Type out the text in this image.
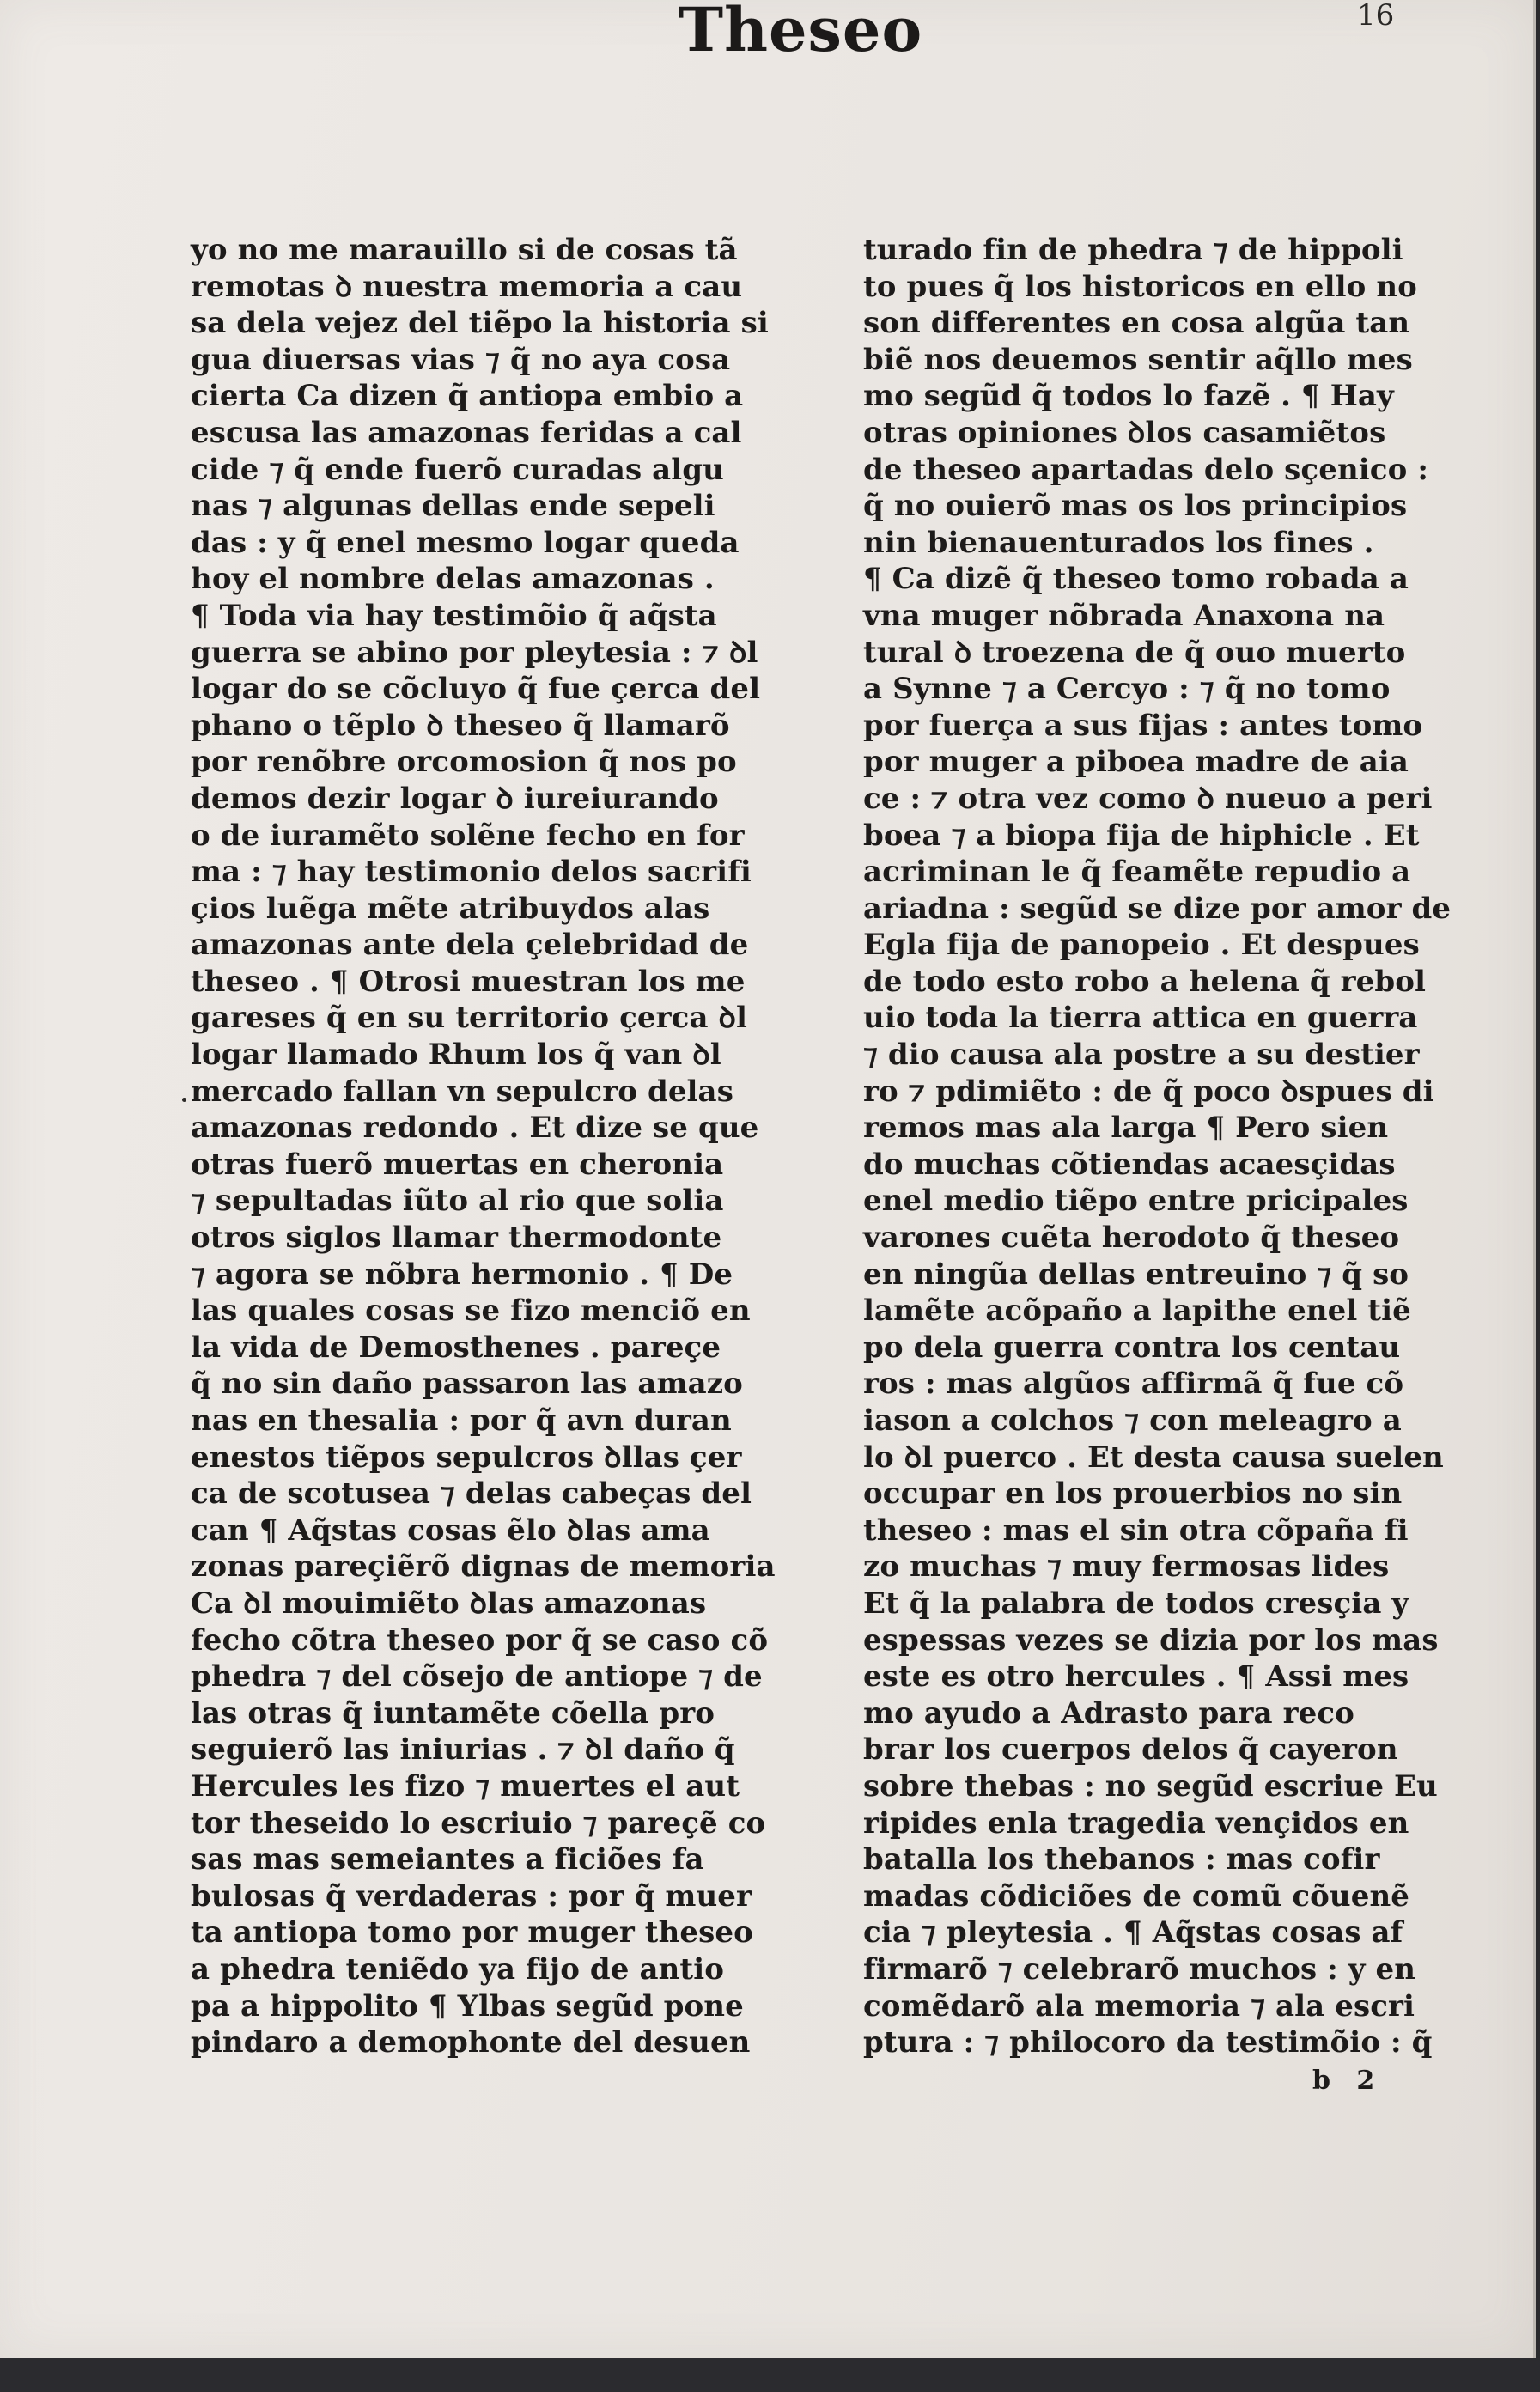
Theseo	16
yo no me marauillo si de cosas tã
remotas ꝺ nuestra memoria a cau
sa dela vejez del tiẽpo la historia si
gua diuersas vias ⁊ q̃ no aya cosa
cierta Ca dizen q̃ antiopa embio a
escusa las amazonas feridas a cal
cide ⁊ q̃ ende fuerõ curadas algu
nas ⁊ algunas dellas ende sepeli
das : y q̃ enel mesmo logar queda
hoy el nombre delas amazonas .
¶ Toda via hay testimõio q̃ aq̃sta
guerra se abino por pleytesia : ⁊ ꝺl
logar do se cõcluyo q̃ fue çerca del
phano o tẽplo ꝺ theseo q̃ llamarõ
por renõbre orcomosion q̃ nos po
demos dezir logar ꝺ iureiurando
o de iuramẽto solẽne fecho en for
ma : ⁊ hay testimonio delos sacrifi
çios luẽga mẽte atribuydos alas
amazonas ante dela çelebridad de
theseo . ¶ Otrosi muestran los me
gareses q̃ en su territorio çerca ꝺl
logar llamado Rhum los q̃ van ꝺl
mercado fallan vn sepulcro delas
amazonas redondo . Et dize se que
otras fuerõ muertas en cheronia
⁊ sepultadas iũto al rio que solia
otros siglos llamar thermodonte
⁊ agora se nõbra hermonio . ¶ De
las quales cosas se fizo menciõ en
la vida de Demosthenes . pareçe
q̃ no sin daño passaron las amazo
nas en thesalia : por q̃ avn duran
enestos tiẽpos sepulcros ꝺllas çer
ca de scotusea ⁊ delas cabeças del
can ¶ Aq̃stas cosas ẽlo ꝺlas ama
zonas pareçiẽrõ dignas de memoria
Ca ꝺl mouimiẽto ꝺlas amazonas
fecho cõtra theseo por q̃ se caso cõ
phedra ⁊ del cõsejo de antiope ⁊ de
las otras q̃ iuntamẽte cõella pro
seguierõ las iniurias . ⁊ ꝺl daño q̃
Hercules les fizo ⁊ muertes el aut
tor theseido lo escriuio ⁊ pareçẽ co
sas mas semeiantes a ficiões fa
bulosas q̃ verdaderas : por q̃ muer
ta antiopa tomo por muger theseo
a phedra teniẽdo ya fijo de antio
pa a hippolito ¶ Ylbas segũd pone
pindaro a demophonte del desuen
turado fin de phedra ⁊ de hippoli
to pues q̃ los historicos en ello no
son differentes en cosa algũa tan
biẽ nos deuemos sentir aq̃llo mes
mo segũd q̃ todos lo fazẽ . ¶ Hay
otras opiniones ꝺlos casamiẽtos
de theseo apartadas delo sçenico :
q̃ no ouierõ mas os los principios
nin bienauenturados los fines .
¶ Ca dizẽ q̃ theseo tomo robada a
vna muger nõbrada Anaxona na
tural ꝺ troezena de q̃ ouo muerto
a Synne ⁊ a Cercyo : ⁊ q̃ no tomo
por fuerça a sus fijas : antes tomo
por muger a piboea madre de aia
ce : ⁊ otra vez como ꝺ nueuo a peri
boea ⁊ a biopa fija de hiphicle . Et
acriminan le q̃ feamẽte repudio a
ariadna : segũd se dize por amor de
Egla fija de panopeio . Et despues
de todo esto robo a helena q̃ rebol
uio toda la tierra attica en guerra
⁊ dio causa ala postre a su destier
ro ⁊ pdimiẽto : de q̃ poco ꝺspues di
remos mas ala larga ¶ Pero sien
do muchas cõtiendas acaesçidas
enel medio tiẽpo entre pricipales
varones cuẽta herodoto q̃ theseo
en ningũa dellas entreuino ⁊ q̃ so
lamẽte acõpaño a lapithe enel tiẽ
po dela guerra contra los centau
ros : mas algũos affirmã q̃ fue cõ
iason a colchos ⁊ con meleagro a
lo ꝺl puerco . Et desta causa suelen
occupar en los prouerbios no sin
theseo : mas el sin otra cõpaña fi
zo muchas ⁊ muy fermosas lides
Et q̃ la palabra de todos cresçia y
espessas vezes se dizia por los mas
este es otro hercules . ¶ Assi mes
mo ayudo a Adrasto para reco
brar los cuerpos delos q̃ cayeron
sobre thebas : no segũd escriue Eu
ripides enla tragedia vençidos en
batalla los thebanos : mas cofir
madas cõdiciões de comũ cõuenẽ
cia ⁊ pleytesia . ¶ Aq̃stas cosas af
firmarõ ⁊ celebrarõ muchos : y en
comẽdarõ ala memoria ⁊ ala escri
ptura : ⁊ philocoro da testimõio : q̃
b 2
